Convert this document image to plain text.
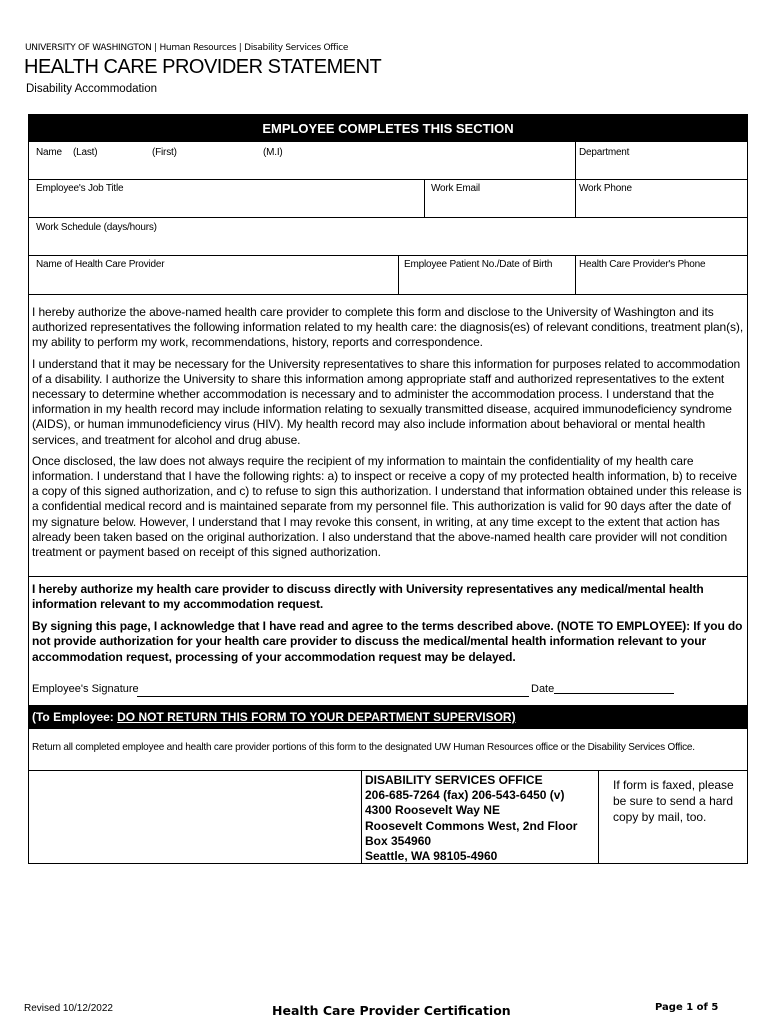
UNIVERSITY OF WASHINGTON | Human Resources | Disability Services Office
HEALTH CARE PROVIDER STATEMENT
Disability Accommodation
EMPLOYEE COMPLETES THIS SECTION
Name (Last)	(First)	(M.I)	Department
Employee's Job Title	Work Email	Work Phone
Work Schedule (days/hours)
Name of Health Care Provider	Employee Patient No./Date of Birth	Health Care Provider's Phone

I hereby authorize the above-named health care provider to complete this form and disclose to the University of Washington and its authorized representatives the following information related to my health care: the diagnosis(es) of relevant conditions, treatment plan(s), my ability to perform my work, recommendations, history, reports and correspondence.

I understand that it may be necessary for the University representatives to share this information for purposes related to accommodation of a disability. I authorize the University to share this information among appropriate staff and authorized representatives to the extent necessary to determine whether accommodation is necessary and to administer the accommodation process. I understand that the information in my health record may include information relating to sexually transmitted disease, acquired immunodeficiency syndrome (AIDS), or human immunodeficiency virus (HIV). My health record may also include information about behavioral or mental health services, and treatment for alcohol and drug abuse.

Once disclosed, the law does not always require the recipient of my information to maintain the confidentiality of my health care information. I understand that I have the following rights: a) to inspect or receive a copy of my protected health information, b) to receive a copy of this signed authorization, and c) to refuse to sign this authorization. I understand that information obtained under this release is a confidential medical record and is maintained separate from my personnel file. This authorization is valid for 90 days after the date of my signature below. However, I understand that I may revoke this consent, in writing, at any time except to the extent that action has already been taken based on the original authorization. I also understand that the above-named health care provider will not condition treatment or payment based on receipt of this signed authorization.

I hereby authorize my health care provider to discuss directly with University representatives any medical/mental health information relevant to my accommodation request.

By signing this page, I acknowledge that I have read and agree to the terms described above. (NOTE TO EMPLOYEE): If you do not provide authorization for your health care provider to discuss the medical/mental health information relevant to your accommodation request, processing of your accommodation request may be delayed.

Employee's Signature	Date
(To Employee: DO NOT RETURN THIS FORM TO YOUR DEPARTMENT SUPERVISOR)
Return all completed employee and health care provider portions of this form to the designated UW Human Resources office or the Disability Services Office.
DISABILITY SERVICES OFFICE
206-685-7264 (fax) 206-543-6450 (v)
4300 Roosevelt Way NE
Roosevelt Commons West, 2nd Floor
Box 354960
Seattle, WA 98105-4960
If form is faxed, please be sure to send a hard copy by mail, too.
Revised 10/12/2022	Health Care Provider Certification	Page 1 of 5
